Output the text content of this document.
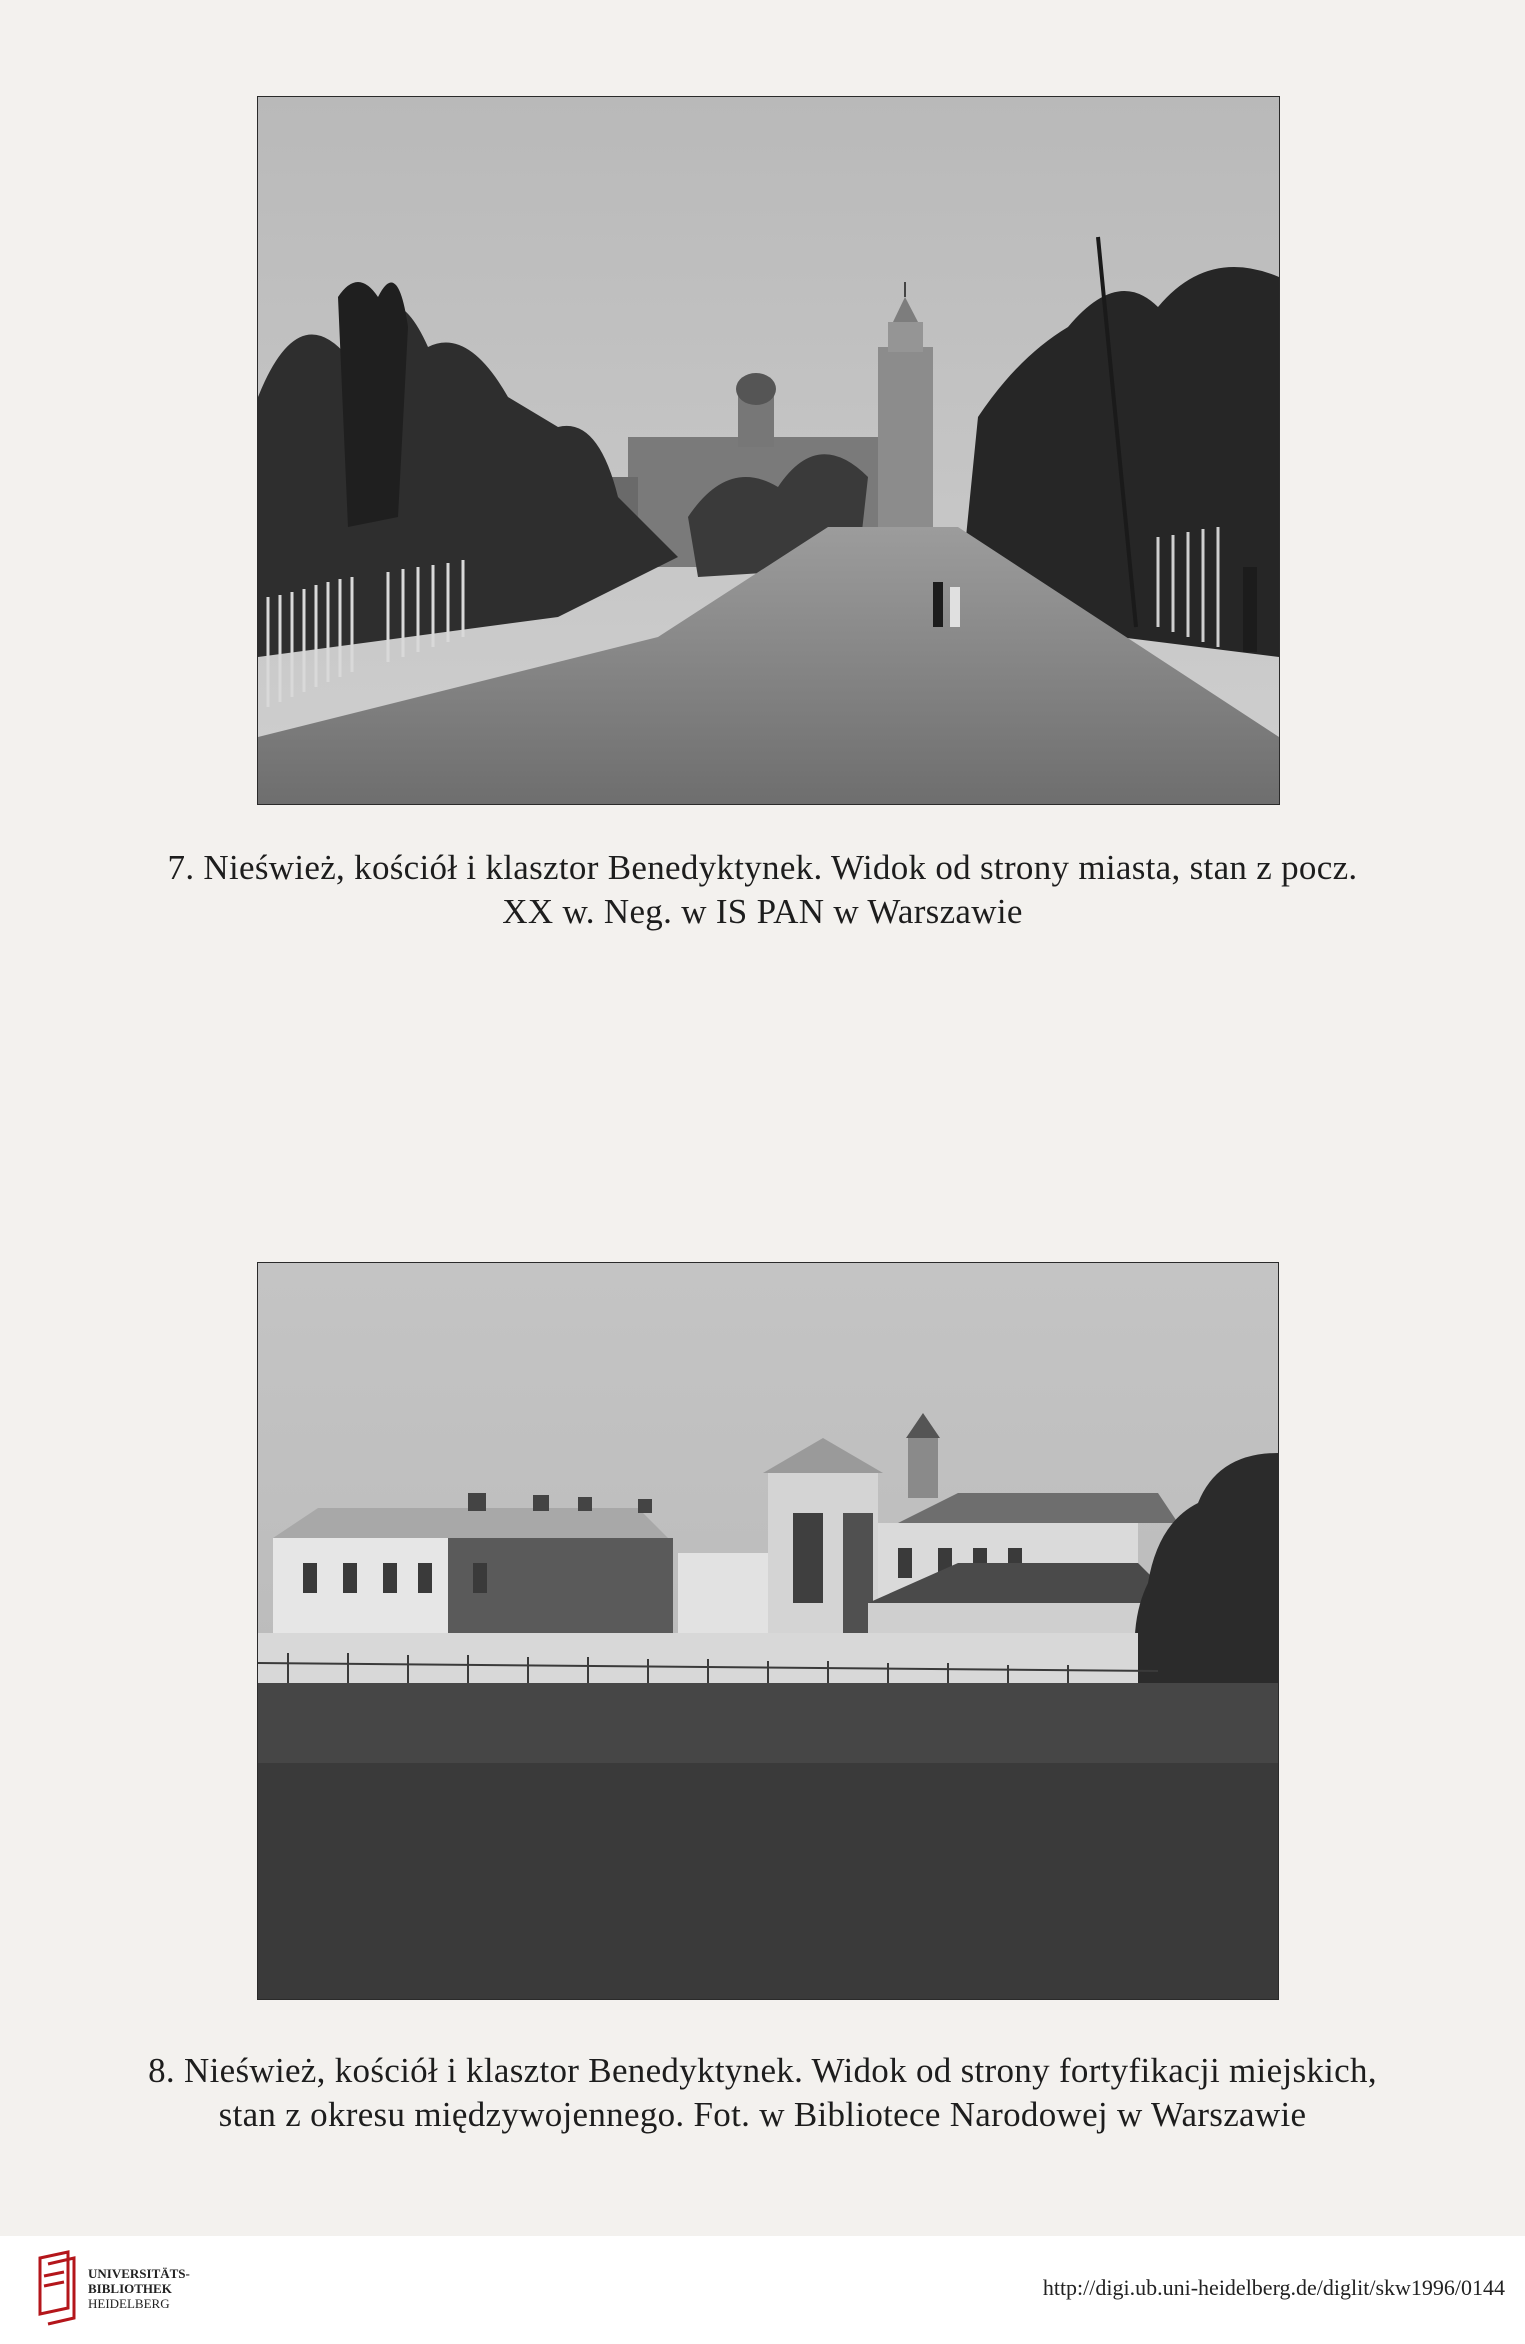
7. Nieśwież, kościół i klasztor Benedyktynek. Widok od strony miasta, stan z pocz.
XX w. Neg. w IS PAN w Warszawie
8. Nieśwież, kościół i klasztor Benedyktynek. Widok od strony fortyfikacji miejskich,
stan z okresu międzywojennego. Fot. w Bibliotece Narodowej w Warszawie
UNIVERSITÄTS-
BIBLIOTHEK
HEIDELBERG
http://digi.ub.uni-heidelberg.de/diglit/skw1996/0144
